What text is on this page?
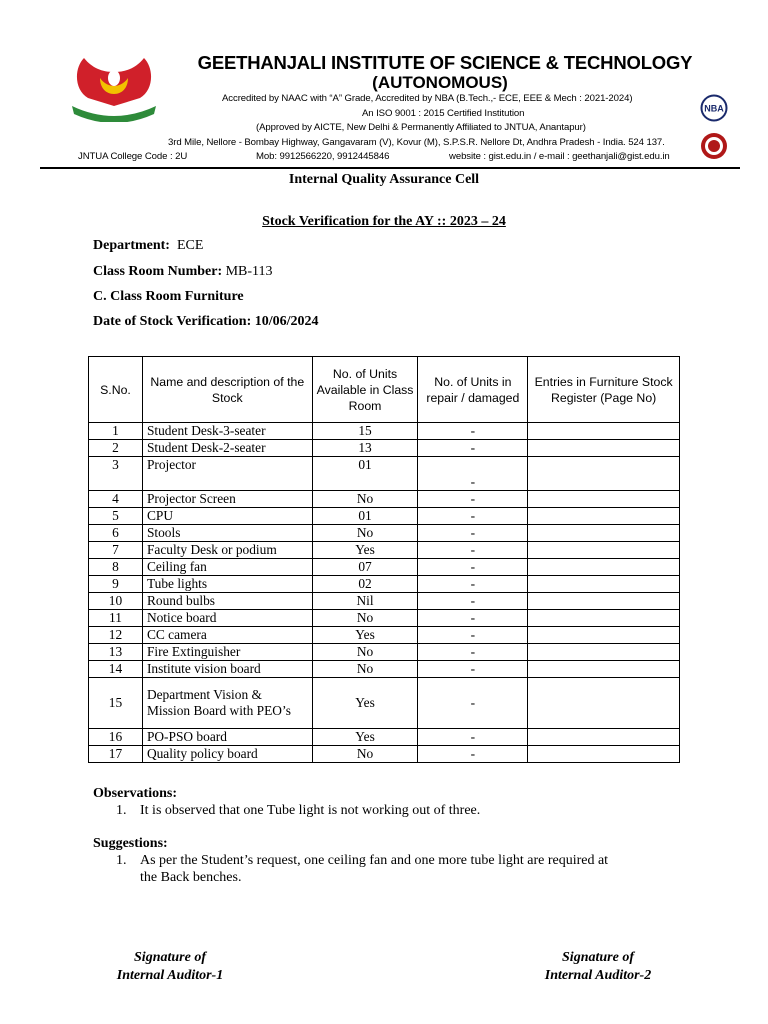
GEETHANJALI INSTITUTE OF SCIENCE & TECHNOLOGY
(AUTONOMOUS)
Accredited by NAAC with “A” Grade, Accredited by NBA (B.Tech.,- ECE, EEE & Mech : 2021-2024)
An ISO 9001 : 2015 Certified Institution
(Approved by AICTE, New Delhi & Permanently Affiliated to JNTUA, Anantapur)
3rd Mile, Nellore - Bombay Highway, Gangavaram (V), Kovur (M), S.P.S.R. Nellore Dt, Andhra Pradesh - India. 524 137.
JNTUA College Code : 2U	Mob: 9912566220, 9912445846	website : gist.edu.in / e-mail : geethanjali@gist.edu.in
NBA
Internal Quality Assurance Cell
Stock Verification for the AY :: 2023 – 24
Department: ECE
Class Room Number: MB-113
C. Class Room Furniture
Date of Stock Verification: 10/06/2024
S.No.	Name and description of the Stock	No. of Units Available in Class Room	No. of Units in repair / damaged	Entries in Furniture Stock Register (Page No)
1	Student Desk-3-seater	15	-	
2	Student Desk-2-seater	13	-	
3	Projector	01	-	
4	Projector Screen	No	-	
5	CPU	01	-	
6	Stools	No	-	
7	Faculty Desk or podium	Yes	-	
8	Ceiling fan	07	-	
9	Tube lights	02	-	
10	Round bulbs	Nil	-	
11	Notice board	No	-	
12	CC camera	Yes	-	
13	Fire Extinguisher	No	-	
14	Institute vision board	No	-	
15	Department Vision & Mission Board with PEO’s	Yes	-	
16	PO-PSO board	Yes	-	
17	Quality policy board	No	-	
Observations:
1. It is observed that one Tube light is not working out of three.
Suggestions:
1. As per the Student’s request, one ceiling fan and one more tube light are required at
the Back benches.
Signature of
Internal Auditor-1
Signature of
Internal Auditor-2
